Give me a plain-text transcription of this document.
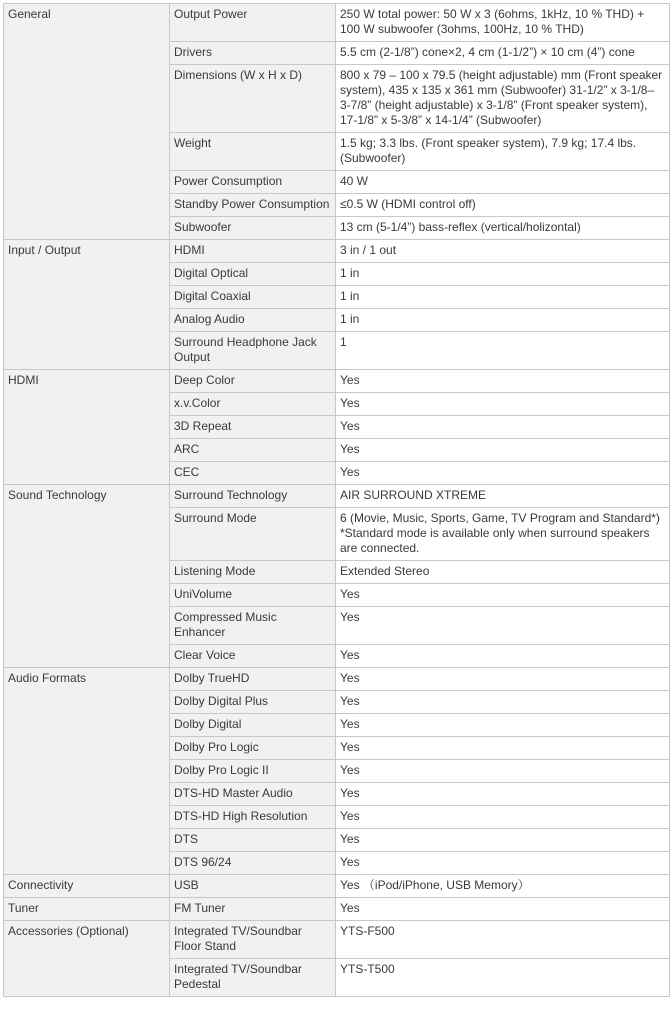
General	Output Power	250 W total power: 50 W x 3 (6ohms, 1kHz, 10 % THD) + 100 W subwoofer (3ohms, 100Hz, 10 % THD)
	Drivers	5.5 cm (2-1/8”) cone×2, 4 cm (1-1/2”) × 10 cm (4”) cone
	Dimensions (W x H x D)	800 x 79 – 100 x 79.5 (height adjustable) mm (Front speaker system), 435 x 135 x 361 mm (Subwoofer) 31-1/2” x 3-1/8– 3-7/8” (height adjustable) x 3-1/8” (Front speaker system), 17-1/8” x 5-3/8” x 14-1/4” (Subwoofer)
	Weight	1.5 kg; 3.3 lbs. (Front speaker system), 7.9 kg; 17.4 lbs. (Subwoofer)
	Power Consumption	40 W
	Standby Power Consumption	≤0.5 W (HDMI control off)
	Subwoofer	13 cm (5-1/4”) bass-reflex (vertical/holizontal)
Input / Output	HDMI	3 in / 1 out
	Digital Optical	1 in
	Digital Coaxial	1 in
	Analog Audio	1 in
	Surround Headphone Jack Output	1
HDMI	Deep Color	Yes
	x.v.Color	Yes
	3D Repeat	Yes
	ARC	Yes
	CEC	Yes
Sound Technology	Surround Technology	AIR SURROUND XTREME
	Surround Mode	6 (Movie, Music, Sports, Game, TV Program and Standard*)
*Standard mode is available only when surround speakers are connected.
	Listening Mode	Extended Stereo
	UniVolume	Yes
	Compressed Music Enhancer	Yes
	Clear Voice	Yes
Audio Formats	Dolby TrueHD	Yes
	Dolby Digital Plus	Yes
	Dolby Digital	Yes
	Dolby Pro Logic	Yes
	Dolby Pro Logic II	Yes
	DTS-HD Master Audio	Yes
	DTS-HD High Resolution	Yes
	DTS	Yes
	DTS 96/24	Yes
Connectivity	USB	Yes （iPod/iPhone, USB Memory）
Tuner	FM Tuner	Yes
Accessories (Optional)	Integrated TV/Soundbar Floor Stand	YTS-F500
	Integrated TV/Soundbar Pedestal	YTS-T500
